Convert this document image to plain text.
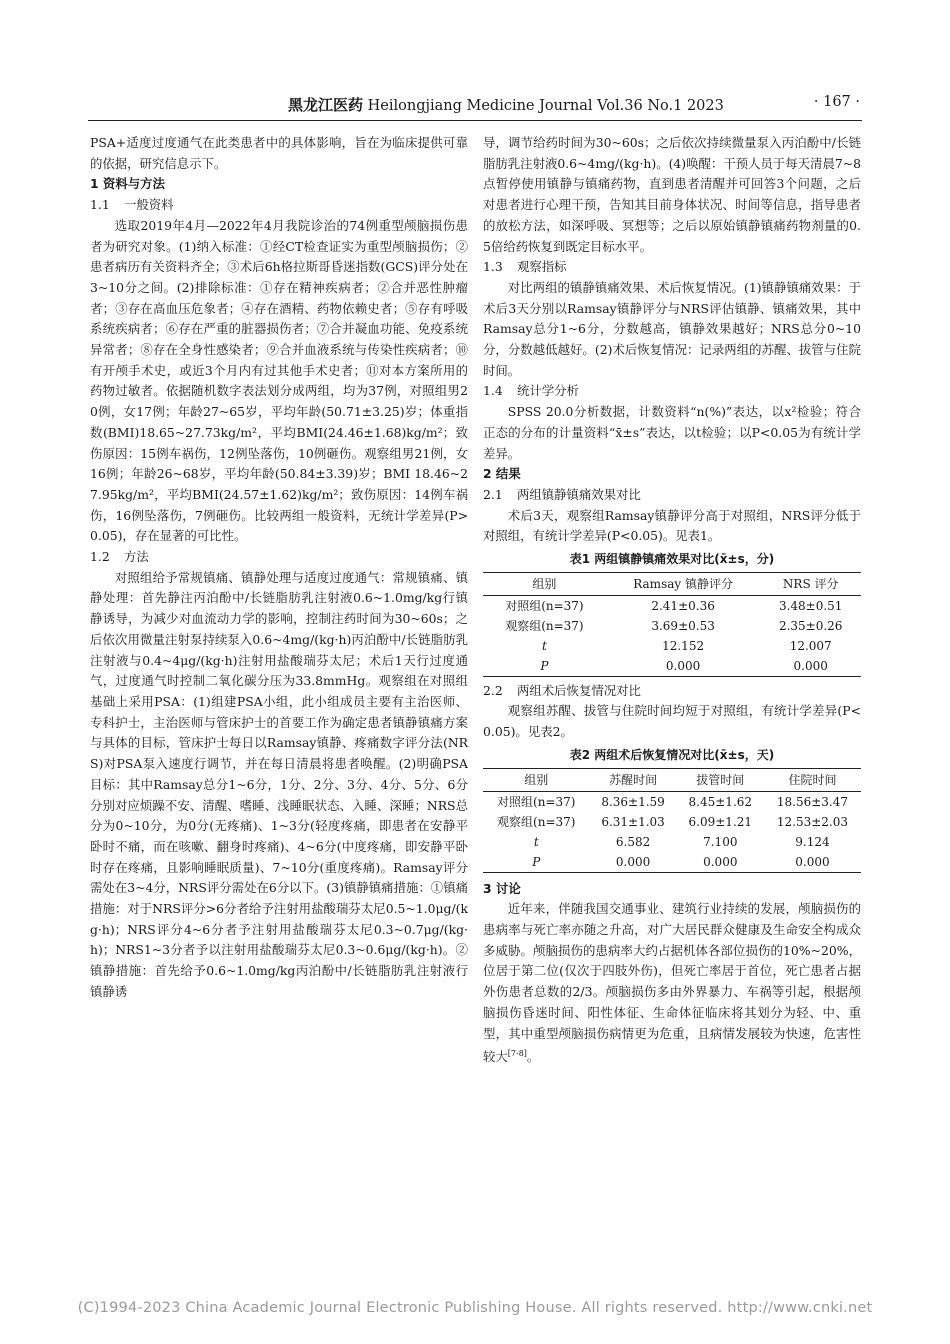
黑龙江医药 Heilongjiang Medicine Journal Vol.36 No.1 2023	· 167 ·

PSA+适度过度通气在此类患者中的具体影响，旨在为临床提供可靠的依据，研究信息示下。

1 资料与方法

1.1 一般资料

选取2019年4月—2022年4月我院诊治的74例重型颅脑损伤患者为研究对象。(1)纳入标准：①经CT检查证实为重型颅脑损伤；②患者病历有关资料齐全；③术后6h格拉斯哥昏迷指数(GCS)评分处在3~10分之间。(2)排除标准：①存在精神疾病者；②合并恶性肿瘤者；③存在高血压危象者；④存在酒精、药物依赖史者；⑤存有呼吸系统疾病者；⑥存在严重的脏器损伤者；⑦合并凝血功能、免疫系统异常者；⑧存在全身性感染者；⑨合并血液系统与传染性疾病者；⑩有开颅手术史，或近3个月内有过其他手术史者；⑪对本方案所用的药物过敏者。依据随机数字表法划分成两组，均为37例，对照组男20例，女17例；年龄27~65岁，平均年龄(50.71±3.25)岁；体重指数(BMI)18.65~27.73kg/m²，平均BMI(24.46±1.68)kg/m²；致伤原因：15例车祸伤，12例坠落伤，10例砸伤。观察组男21例，女16例；年龄26~68岁，平均年龄(50.84±3.39)岁；BMI 18.46~27.95kg/m²，平均BMI(24.57±1.62)kg/m²；致伤原因：14例车祸伤，16例坠落伤，7例砸伤。比较两组一般资料，无统计学差异(P>0.05)，存在显著的可比性。

1.2 方法

对照组给予常规镇痛、镇静处理与适度过度通气：常规镇痛、镇静处理：首先静注丙泊酚中/长链脂肪乳注射液0.6~1.0mg/kg行镇静诱导，为减少对血流动力学的影响，控制注药时间为30~60s；之后依次用微量注射泵持续泵入0.6~4mg/(kg·h)丙泊酚中/长链脂肪乳注射液与0.4~4μg/(kg·h)注射用盐酸瑞芬太尼；术后1天行过度通气，过度通气时控制二氧化碳分压为33.8mmHg。观察组在对照组基础上采用PSA：(1)组建PSA小组，此小组成员主要有主治医师、专科护士，主治医师与管床护士的首要工作为确定患者镇静镇痛方案与具体的目标，管床护士每日以Ramsay镇静、疼痛数字评分法(NRS)对PSA泵入速度行调节，并在每日清晨将患者唤醒。(2)明确PSA目标：其中Ramsay总分1~6分，1分、2分、3分、4分、5分、6分分别对应烦躁不安、清醒、嗜睡、浅睡眠状态、入睡、深睡；NRS总分为0~10分，为0分(无疼痛)、1~3分(轻度疼痛，即患者在安静平卧时不痛，而在咳嗽、翻身时疼痛)、4~6分(中度疼痛，即安静平卧时存在疼痛，且影响睡眠质量)、7~10分(重度疼痛)。Ramsay评分需处在3~4分，NRS评分需处在6分以下。(3)镇静镇痛措施：①镇痛措施：对于NRS评分>6分者给予注射用盐酸瑞芬太尼0.5~1.0μg/(kg·h)；NRS评分4~6分者予注射用盐酸瑞芬太尼0.3~0.7μg/(kg·h)；NRS1~3分者予以注射用盐酸瑞芬太尼0.3~0.6μg/(kg·h)。②镇静措施：首先给予0.6~1.0mg/kg丙泊酚中/长链脂肪乳注射液行镇静诱

导，调节给药时间为30~60s；之后依次持续微量泵入丙泊酚中/长链脂肪乳注射液0.6~4mg/(kg·h)。(4)唤醒：干预人员于每天清晨7~8点暂停使用镇静与镇痛药物，直到患者清醒并可回答3个问题，之后对患者进行心理干预，告知其目前身体状况、时间等信息，指导患者的放松方法，如深呼吸、冥想等；之后以原始镇静镇痛药物剂量的0.5倍给药恢复到既定目标水平。

1.3 观察指标

对比两组的镇静镇痛效果、术后恢复情况。(1)镇静镇痛效果：于术后3天分别以Ramsay镇静评分与NRS评估镇静、镇痛效果，其中Ramsay总分1~6分，分数越高，镇静效果越好；NRS总分0~10分，分数越低越好。(2)术后恢复情况：记录两组的苏醒、拔管与住院时间。

1.4 统计学分析

SPSS 20.0分析数据，计数资料“n(%)”表达，以x²检验；符合正态的分布的计量资料“x̄±s”表达，以t检验；以P<0.05为有统计学差异。

2 结果

2.1 两组镇静镇痛效果对比

术后3天，观察组Ramsay镇静评分高于对照组，NRS评分低于对照组，有统计学差异(P<0.05)。见表1。

表1 两组镇静镇痛效果对比(x̄±s，分)
组别	Ramsay 镇静评分	NRS 评分
对照组(n=37)	2.41±0.36	3.48±0.51
观察组(n=37)	3.69±0.53	2.35±0.26
t	12.152	12.007
P	0.000	0.000

2.2 两组术后恢复情况对比

观察组苏醒、拔管与住院时间均短于对照组，有统计学差异(P<0.05)。见表2。

表2 两组术后恢复情况对比(x̄±s，天)
组别	苏醒时间	拔管时间	住院时间
对照组(n=37)	8.36±1.59	8.45±1.62	18.56±3.47
观察组(n=37)	6.31±1.03	6.09±1.21	12.53±2.03
t	6.582	7.100	9.124
P	0.000	0.000	0.000

3 讨论

近年来，伴随我国交通事业、建筑行业持续的发展，颅脑损伤的患病率与死亡率亦随之升高，对广大居民群众健康及生命安全构成众多威胁。颅脑损伤的患病率大约占据机体各部位损伤的10%~20%，位居于第二位(仅次于四肢外伤)，但死亡率居于首位，死亡患者占据外伤患者总数的2/3。颅脑损伤多由外界暴力、车祸等引起，根据颅脑损伤昏迷时间、阳性体征、生命体征临床将其划分为轻、中、重型，其中重型颅脑损伤病情更为危重，且病情发展较为快速，危害性较大[7-8]。

(C)1994-2023 China Academic Journal Electronic Publishing House. All rights reserved. http://www.cnki.net
